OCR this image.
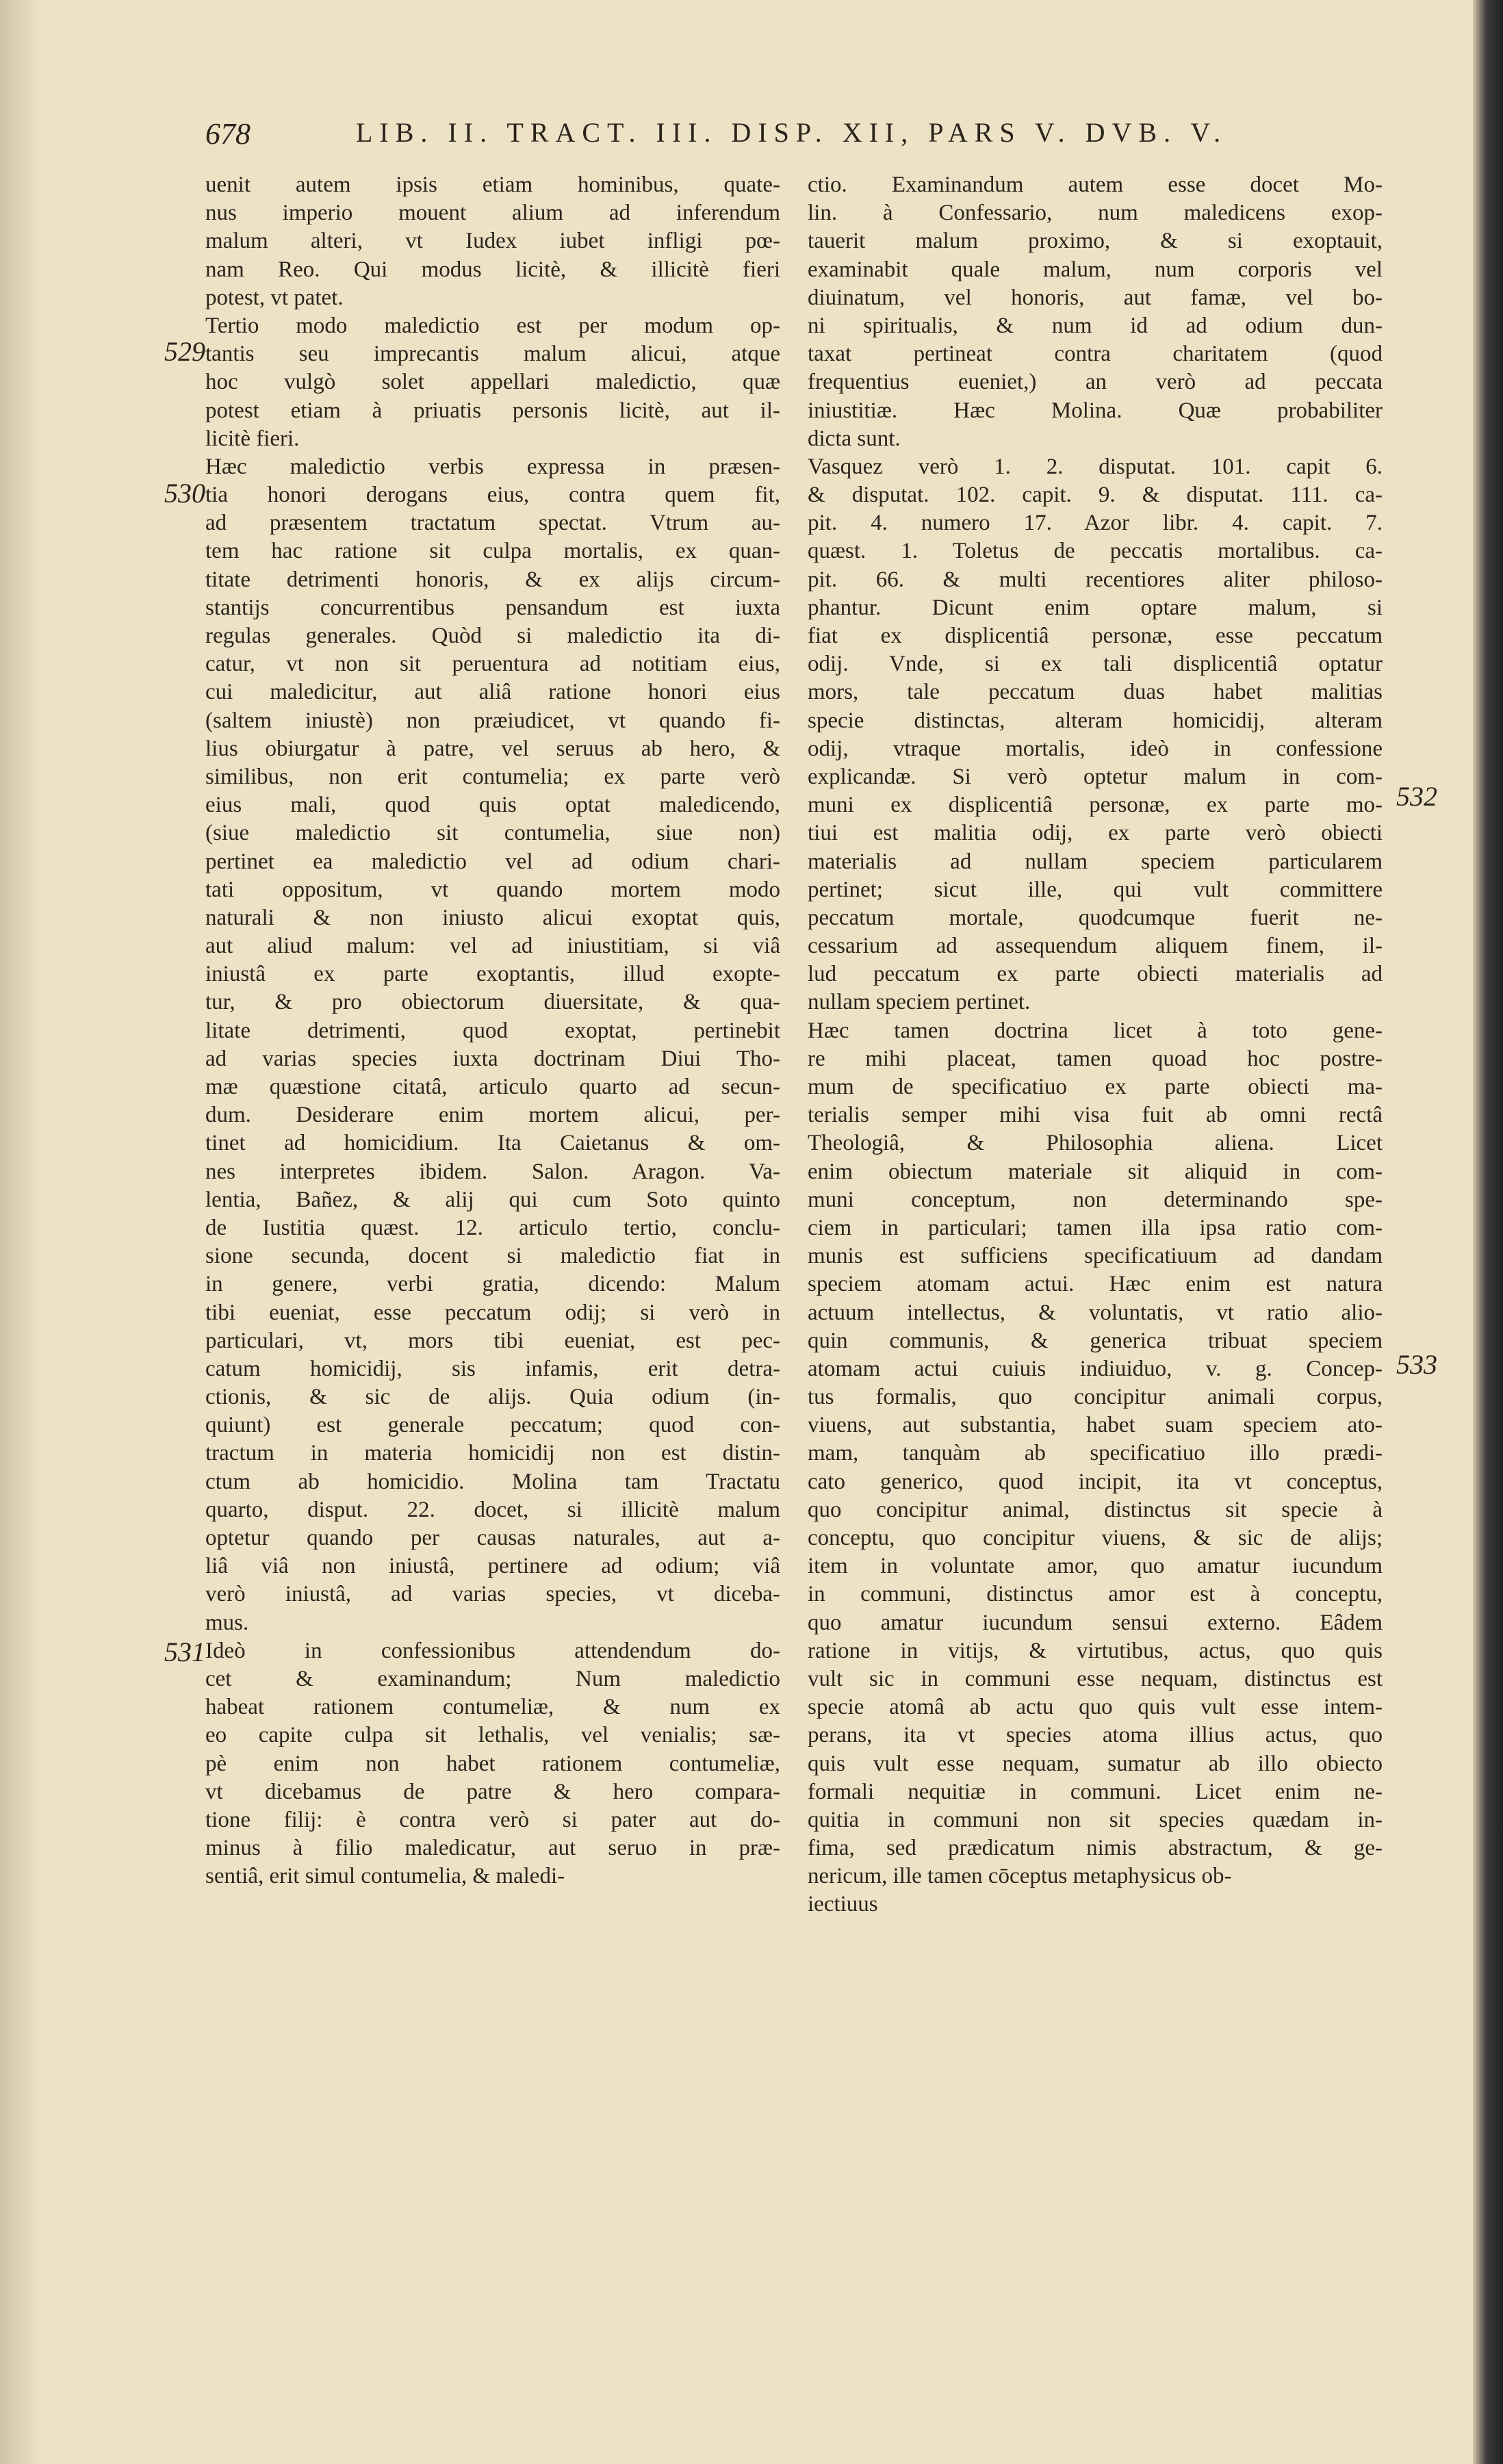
678	LIB. II. TRACT. III. DISP. XII, PARS V. DVB. V.
529
530
531
532
533
uenit autem ipsis etiam hominibus, quate-
nus imperio mouent alium ad inferendum
malum alteri, vt Iudex iubet infligi pœ-
nam Reo. Qui modus licitè, & illicitè fieri
potest, vt patet.
Tertio modo maledictio est per modum op-
tantis seu imprecantis malum alicui, atque
hoc vulgò solet appellari maledictio, quæ
potest etiam à priuatis personis licitè, aut il-
licitè fieri.
Hæc maledictio verbis expressa in præsen-
tia honori derogans eius, contra quem fit,
ad præsentem tractatum spectat. Vtrum au-
tem hac ratione sit culpa mortalis, ex quan-
titate detrimenti honoris, & ex alijs circum-
stantijs concurrentibus pensandum est iuxta
regulas generales. Quòd si maledictio ita di-
catur, vt non sit peruentura ad notitiam eius,
cui maledicitur, aut aliâ ratione honori eius
(saltem iniustè) non præiudicet, vt quando fi-
lius obiurgatur à patre, vel seruus ab hero, &
similibus, non erit contumelia; ex parte verò
eius mali, quod quis optat maledicendo,
(siue maledictio sit contumelia, siue non)
pertinet ea maledictio vel ad odium chari-
tati oppositum, vt quando mortem modo
naturali & non iniusto alicui exoptat quis,
aut aliud malum: vel ad iniustitiam, si viâ
iniustâ ex parte exoptantis, illud exopte-
tur, & pro obiectorum diuersitate, & qua-
litate detrimenti, quod exoptat, pertinebit
ad varias species iuxta doctrinam Diui Tho-
mæ quæstione citatâ, articulo quarto ad secun-
dum. Desiderare enim mortem alicui, per-
tinet ad homicidium. Ita Caietanus & om-
nes interpretes ibidem. Salon. Aragon. Va-
lentia, Bañez, & alij qui cum Soto quinto
de Iustitia quæst. 12. articulo tertio, conclu-
sione secunda, docent si maledictio fiat in
in genere, verbi gratia, dicendo: Malum
tibi eueniat, esse peccatum odij; si verò in
particulari, vt, mors tibi eueniat, est pec-
catum homicidij, sis infamis, erit detra-
ctionis, & sic de alijs. Quia odium (in-
quiunt) est generale peccatum; quod con-
tractum in materia homicidij non est distin-
ctum ab homicidio. Molina tam Tractatu
quarto, disput. 22. docet, si illicitè malum
optetur quando per causas naturales, aut a-
liâ viâ non iniustâ, pertinere ad odium; viâ
verò iniustâ, ad varias species, vt diceba-
mus.
Ideò in confessionibus attendendum do-
cet & examinandum; Num maledictio
habeat rationem contumeliæ, & num ex
eo capite culpa sit lethalis, vel venialis; sæ-
pè enim non habet rationem contumeliæ,
vt dicebamus de patre & hero compara-
tione filij: è contra verò si pater aut do-
minus à filio maledicatur, aut seruo in præ-
sentiâ, erit simul contumelia, & maledi-
ctio. Examinandum autem esse docet Mo-
lin. à Confessario, num maledicens exop-
tauerit malum proximo, & si exoptauit,
examinabit quale malum, num corporis vel
diuinatum, vel honoris, aut famæ, vel bo-
ni spiritualis, & num id ad odium dun-
taxat pertineat contra charitatem (quod
frequentius eueniet,) an verò ad peccata
iniustitiæ. Hæc Molina. Quæ probabiliter
dicta sunt.
Vasquez verò 1. 2. disputat. 101. capit 6.
& disputat. 102. capit. 9. & disputat. 111. ca-
pit. 4. numero 17. Azor libr. 4. capit. 7.
quæst. 1. Toletus de peccatis mortalibus. ca-
pit. 66. & multi recentiores aliter philoso-
phantur. Dicunt enim optare malum, si
fiat ex displicentiâ personæ, esse peccatum
odij. Vnde, si ex tali displicentiâ optatur
mors, tale peccatum duas habet malitias
specie distinctas, alteram homicidij, alteram
odij, vtraque mortalis, ideò in confessione
explicandæ. Si verò optetur malum in com-
muni ex displicentiâ personæ, ex parte mo-
tiui est malitia odij, ex parte verò obiecti
materialis ad nullam speciem particularem
pertinet; sicut ille, qui vult committere
peccatum mortale, quodcumque fuerit ne-
cessarium ad assequendum aliquem finem, il-
lud peccatum ex parte obiecti materialis ad
nullam speciem pertinet.
Hæc tamen doctrina licet à toto gene-
re mihi placeat, tamen quoad hoc postre-
mum de specificatiuo ex parte obiecti ma-
terialis semper mihi visa fuit ab omni rectâ
Theologiâ, & Philosophia aliena. Licet
enim obiectum materiale sit aliquid in com-
muni conceptum, non determinando spe-
ciem in particulari; tamen illa ipsa ratio com-
munis est sufficiens specificatiuum ad dandam
speciem atomam actui. Hæc enim est natura
actuum intellectus, & voluntatis, vt ratio alio-
quin communis, & generica tribuat speciem
atomam actui cuiuis indiuiduo, v. g. Concep-
tus formalis, quo concipitur animali corpus,
viuens, aut substantia, habet suam speciem ato-
mam, tanquàm ab specificatiuo illo prædi-
cato generico, quod incipit, ita vt conceptus,
quo concipitur animal, distinctus sit specie à
conceptu, quo concipitur viuens, & sic de alijs;
item in voluntate amor, quo amatur iucundum
in communi, distinctus amor est à conceptu,
quo amatur iucundum sensui externo. Eâdem
ratione in vitijs, & virtutibus, actus, quo quis
vult sic in communi esse nequam, distinctus est
specie atomâ ab actu quo quis vult esse intem-
perans, ita vt species atoma illius actus, quo
quis vult esse nequam, sumatur ab illo obiecto
formali nequitiæ in communi. Licet enim ne-
quitia in communi non sit species quædam in-
fima, sed prædicatum nimis abstractum, & ge-
nericum, ille tamen cōceptus metaphysicus ob-
iectiuus
